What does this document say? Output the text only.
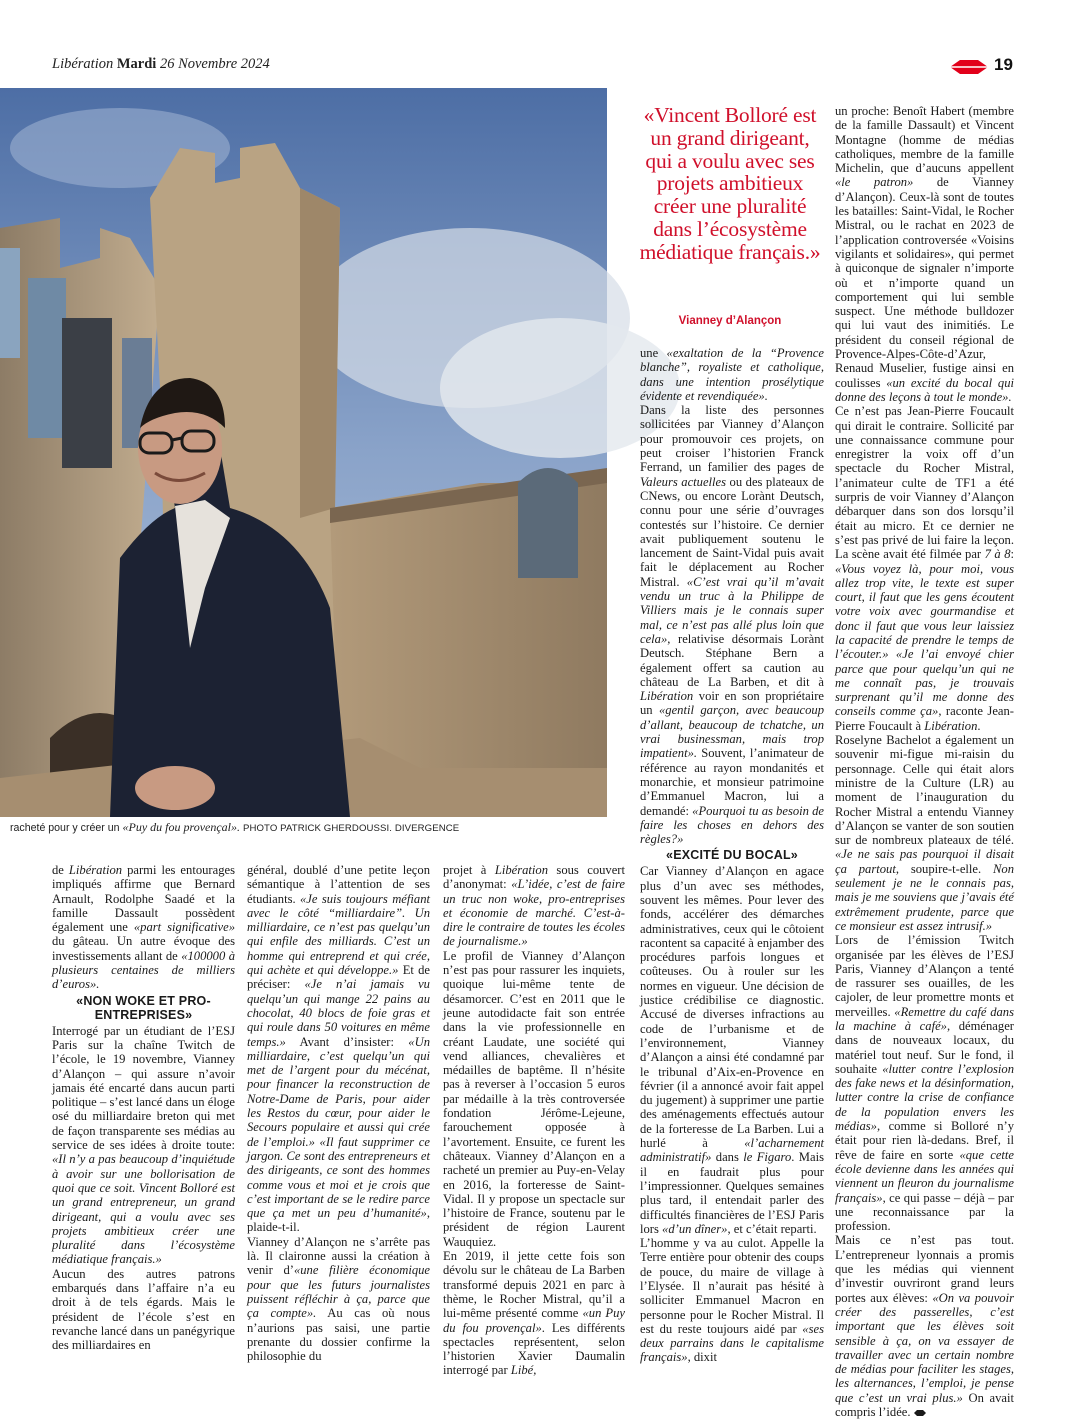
Libération Mardi 26 Novembre 2024	19
racheté pour y créer un «Puy du fou provençal». PHOTO PATRICK GHERDOUSSI. DIVERGENCE
«Vincent Bolloré est un grand dirigeant, qui a voulu avec ses projets ambitieux créer une pluralité dans l’écosystème médiatique français.»
Vianney d’Alançon

de Libération parmi les entourages impliqués affirme que Bernard Arnault, Rodolphe Saadé et la famille Dassault possèdent également une «part significative» du gâteau. Un autre évoque des investissements allant de «100000 à plusieurs centaines de milliers d’euros».

«NON WOKE ET PRO-ENTREPRISES»

Interrogé par un étudiant de l’ESJ Paris sur la chaîne Twitch de l’école, le 19 novembre, Vianney d’Alançon – qui assure n’avoir jamais été encarté dans aucun parti politique – s’est lancé dans un éloge osé du milliardaire breton qui met de façon transparente ses médias au service de ses idées à droite toute: «Il n’y a pas beaucoup d’inquiétude à avoir sur une bollorisation de quoi que ce soit. Vincent Bolloré est un grand entrepreneur, un grand dirigeant, qui a voulu avec ses projets ambitieux créer une pluralité dans l’écosystème médiatique français.»

Aucun des autres patrons embarqués dans l’affaire n’a eu droit à de tels égards. Mais le président de l’école s’est en revanche lancé dans un panégyrique des milliardaires en

général, doublé d’une petite leçon sémantique à l’attention de ses étudiants. «Je suis toujours méfiant avec le côté “milliardaire”. Un milliardaire, ce n’est pas quelqu’un qui enfile des milliards. C’est un homme qui entreprend et qui crée, qui achète et qui développe.» Et de préciser: «Je n’ai jamais vu quelqu’un qui mange 22 pains au chocolat, 40 blocs de foie gras et qui roule dans 50 voitures en même temps.» Avant d’insister: «Un milliardaire, c’est quelqu’un qui met de l’argent pour du mécénat, pour financer la reconstruction de Notre-Dame de Paris, pour aider les Restos du cœur, pour aider le Secours populaire et aussi qui crée de l’emploi.» «Il faut supprimer ce jargon. Ce sont des entrepreneurs et des dirigeants, ce sont des hommes comme vous et moi et je crois que c’est important de se le redire parce que ça met un peu d’humanité», plaide-t-il.

Vianney d’Alançon ne s’arrête pas là. Il claironne aussi la création à venir d’«une filière économique pour que les futurs journalistes puissent réfléchir à ça, parce que ça compte». Au cas où nous n’aurions pas saisi, une partie prenante du dossier confirme la philosophie du

projet à Libération sous couvert d’anonymat: «L’idée, c’est de faire un truc non woke, pro-entreprises et économie de marché. C’est-à-dire le contraire de toutes les écoles de journalisme.»

Le profil de Vianney d’Alançon n’est pas pour rassurer les inquiets, quoique lui-même tente de désamorcer. C’est en 2011 que le jeune autodidacte fait son entrée dans la vie professionnelle en créant Laudate, une société qui vend alliances, chevalières et médailles de baptême. Il n’hésite pas à reverser à l’occasion 5 euros par médaille à la très controversée fondation Jérôme-Lejeune, farouchement opposée à l’avortement. Ensuite, ce furent les châteaux. Vianney d’Alançon en a racheté un premier au Puy-en-Velay en 2016, la forteresse de Saint-Vidal. Il y propose un spectacle sur l’histoire de France, soutenu par le président de région Laurent Wauquiez.

En 2019, il jette cette fois son dévolu sur le château de La Barben transformé depuis 2021 en parc à thème, le Rocher Mistral, qu’il a lui-même présenté comme «un Puy du fou provençal». Les différents spectacles représentent, selon l’historien Xavier Daumalin interrogé par Libé,

une «exaltation de la “Provence blanche”, royaliste et catholique, dans une intention prosélytique évidente et revendiquée».

Dans la liste des personnes sollicitées par Vianney d’Alançon pour promouvoir ces projets, on peut croiser l’historien Franck Ferrand, un familier des pages de Valeurs actuelles ou des plateaux de CNews, ou encore Lorànt Deutsch, connu pour une série d’ouvrages contestés sur l’histoire. Ce dernier avait publiquement soutenu le lancement de Saint-Vidal puis avait fait le déplacement au Rocher Mistral. «C’est vrai qu’il m’avait vendu un truc à la Philippe de Villiers mais je le connais super mal, ce n’est pas allé plus loin que cela», relativise désormais Lorànt Deutsch. Stéphane Bern a également offert sa caution au château de La Barben, et dit à Libération voir en son propriétaire un «gentil garçon, avec beaucoup d’allant, beaucoup de tchatche, un vrai businessman, mais trop impatient». Souvent, l’animateur de référence au rayon mondanités et monarchie, et monsieur patrimoine d’Emmanuel Macron, lui a demandé: «Pourquoi tu as besoin de faire les choses en dehors des règles?»

«EXCITÉ DU BOCAL»

Car Vianney d’Alançon en agace plus d’un avec ses méthodes, souvent les mêmes. Pour lever des fonds, accélérer des démarches administratives, ceux qui le côtoient racontent sa capacité à enjamber des procédures parfois longues et coûteuses. Ou à rouler sur les normes en vigueur. Une décision de justice crédibilise ce diagnostic. Accusé de diverses infractions au code de l’urbanisme et de l’environnement, Vianney d’Alançon a ainsi été condamné par le tribunal d’Aix-en-Provence en février (il a annoncé avoir fait appel du jugement) à supprimer une partie des aménagements effectués autour de la forteresse de La Barben. Lui a hurlé à «l’acharnement administratif» dans le Figaro. Mais il en faudrait plus pour l’impressionner. Quelques semaines plus tard, il entendait parler des difficultés financières de l’ESJ Paris lors «d’un dîner», et c’était reparti.

L’homme y va au culot. Appelle la Terre entière pour obtenir des coups de pouce, du maire de village à l’Elysée. Il n’aurait pas hésité à solliciter Emmanuel Macron en personne pour le Rocher Mistral. Il est du reste toujours aidé par «ses deux parrains dans le capitalisme français», dixit

un proche: Benoît Habert (membre de la famille Dassault) et Vincent Montagne (homme de médias catholiques, membre de la famille Michelin, que d’aucuns appellent «le patron» de Vianney d’Alançon). Ceux-là sont de toutes les batailles: Saint-Vidal, le Rocher Mistral, ou le rachat en 2023 de l’application controversée «Voisins vigilants et solidaires», qui permet à quiconque de signaler n’importe où et n’importe quand un comportement qui lui semble suspect. Une méthode bulldozer qui lui vaut des inimitiés. Le président du conseil régional de Provence-Alpes-Côte-d’Azur, Renaud Muselier, fustige ainsi en coulisses «un excité du bocal qui donne des leçons à tout le monde».

Ce n’est pas Jean-Pierre Foucault qui dirait le contraire. Sollicité par une connaissance commune pour enregistrer la voix off d’un spectacle du Rocher Mistral, l’animateur culte de TF1 a été surpris de voir Vianney d’Alançon débarquer dans son dos lorsqu’il était au micro. Et ce dernier ne s’est pas privé de lui faire la leçon. La scène avait été filmée par 7 à 8: «Vous voyez là, pour moi, vous allez trop vite, le texte est super court, il faut que les gens écoutent votre voix avec gourmandise et donc il faut que vous leur laissiez la capacité de prendre le temps de l’écouter.» «Je l’ai envoyé chier parce que pour quelqu’un qui ne me connaît pas, je trouvais surprenant qu’il me donne des conseils comme ça», raconte Jean-Pierre Foucault à Libération.

Roselyne Bachelot a également un souvenir mi-figue mi-raisin du personnage. Celle qui était alors ministre de la Culture (LR) au moment de l’inauguration du Rocher Mistral a entendu Vianney d’Alançon se vanter de son soutien sur de nombreux plateaux de télé. «Je ne sais pas pourquoi il disait ça partout, soupire-t-elle. Non seulement je ne le connais pas, mais je me souviens que j’avais été extrêmement prudente, parce que ce monsieur est assez intrusif.»

Lors de l’émission Twitch organisée par les élèves de l’ESJ Paris, Vianney d’Alançon a tenté de rassurer ses ouailles, de les cajoler, de leur promettre monts et merveilles. «Remettre du café dans la machine à café», déménager dans de nouveaux locaux, du matériel tout neuf. Sur le fond, il souhaite «lutter contre l’explosion des fake news et la désinformation, lutter contre la crise de confiance de la population envers les médias», comme si Bolloré n’y était pour rien là-dedans. Bref, il rêve de faire en sorte «que cette école devienne dans les années qui viennent un fleuron du journalisme français», ce qui passe – déjà – par une reconnaissance par la profession.

Mais ce n’est pas tout. L’entrepreneur lyonnais a promis que les médias qui viennent d’investir ouvriront grand leurs portes aux élèves: «On va pouvoir créer des passerelles, c’est important que les élèves soit sensible à ça, on va essayer de travailler avec un certain nombre de médias pour faciliter les stages, les alternances, l’emploi, je pense que c’est un vrai plus.» On avait compris l’idée.
